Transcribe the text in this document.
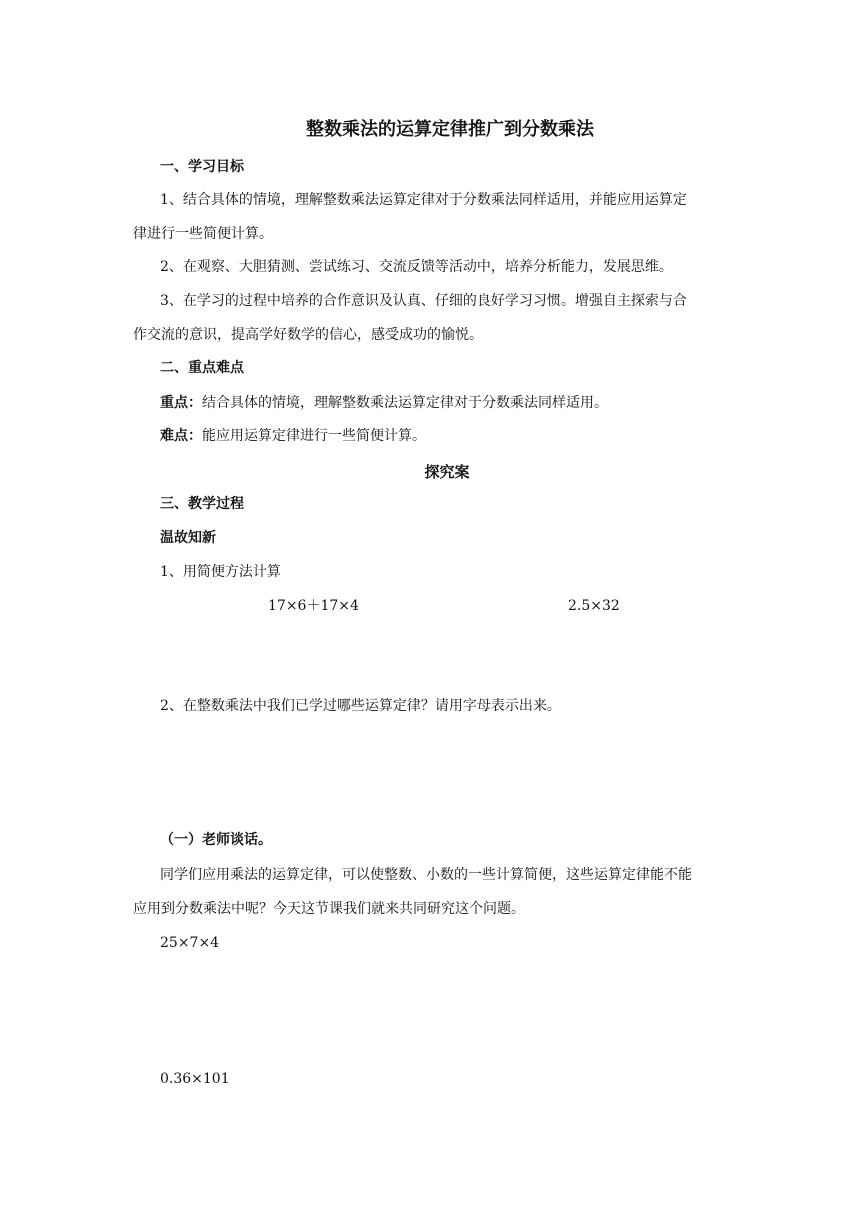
整数乘法的运算定律推广到分数乘法
一、学习目标
1、结合具体的情境，理解整数乘法运算定律对于分数乘法同样适用，并能应用运算定
律进行一些简便计算。
2、在观察、大胆猜测、尝试练习、交流反馈等活动中，培养分析能力，发展思维。
3、在学习的过程中培养的合作意识及认真、仔细的良好学习习惯。增强自主探索与合
作交流的意识，提高学好数学的信心，感受成功的愉悦。
二、重点难点
重点：结合具体的情境，理解整数乘法运算定律对于分数乘法同样适用。
难点：能应用运算定律进行一些简便计算。
探究案
三、教学过程
温故知新
1、用简便方法计算
17×6＋17×4	2.5×32
2、在整数乘法中我们已学过哪些运算定律？请用字母表示出来。
（一）老师谈话。
同学们应用乘法的运算定律，可以使整数、小数的一些计算简便，这些运算定律能不能
应用到分数乘法中呢？今天这节课我们就来共同研究这个问题。
25×7×4
0.36×101
